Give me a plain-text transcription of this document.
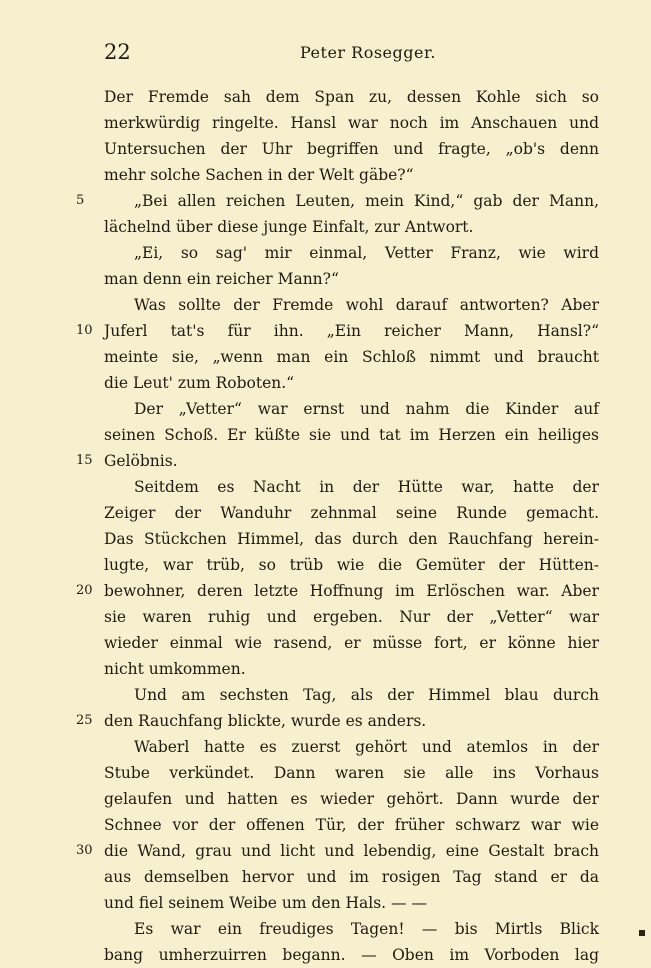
22	Peter Rosegger.
Der Fremde sah dem Span zu, dessen Kohle sich so
merkwürdig ringelte. Hansl war noch im Anschauen und
Untersuchen der Uhr begriffen und fragte, „ob's denn
mehr solche Sachen in der Welt gäbe?“
5	„Bei allen reichen Leuten, mein Kind,“ gab der Mann,
lächelnd über diese junge Einfalt, zur Antwort.
„Ei, so sag' mir einmal, Vetter Franz, wie wird
man denn ein reicher Mann?“
Was sollte der Fremde wohl darauf antworten? Aber
10 Juferl tat's für ihn. „Ein reicher Mann, Hansl?“
meinte sie, „wenn man ein Schloß nimmt und braucht
die Leut' zum Roboten.“
Der „Vetter“ war ernst und nahm die Kinder auf
seinen Schoß. Er küßte sie und tat im Herzen ein heiliges
15 Gelöbnis.
Seitdem es Nacht in der Hütte war, hatte der
Zeiger der Wanduhr zehnmal seine Runde gemacht.
Das Stückchen Himmel, das durch den Rauchfang herein-
lugte, war trüb, so trüb wie die Gemüter der Hütten-
20 bewohner, deren letzte Hoffnung im Erlöschen war. Aber
sie waren ruhig und ergeben. Nur der „Vetter“ war
wieder einmal wie rasend, er müsse fort, er könne hier
nicht umkommen.
Und am sechsten Tag, als der Himmel blau durch
25 den Rauchfang blickte, wurde es anders.
Waberl hatte es zuerst gehört und atemlos in der
Stube verkündet. Dann waren sie alle ins Vorhaus
gelaufen und hatten es wieder gehört. Dann wurde der
Schnee vor der offenen Tür, der früher schwarz war wie
30 die Wand, grau und licht und lebendig, eine Gestalt brach
aus demselben hervor und im rosigen Tag stand er da
und fiel seinem Weibe um den Hals. — —
Es war ein freudiges Tagen! — bis Mirtls Blick
bang umherzuirren begann. — Oben im Vorboden lag
